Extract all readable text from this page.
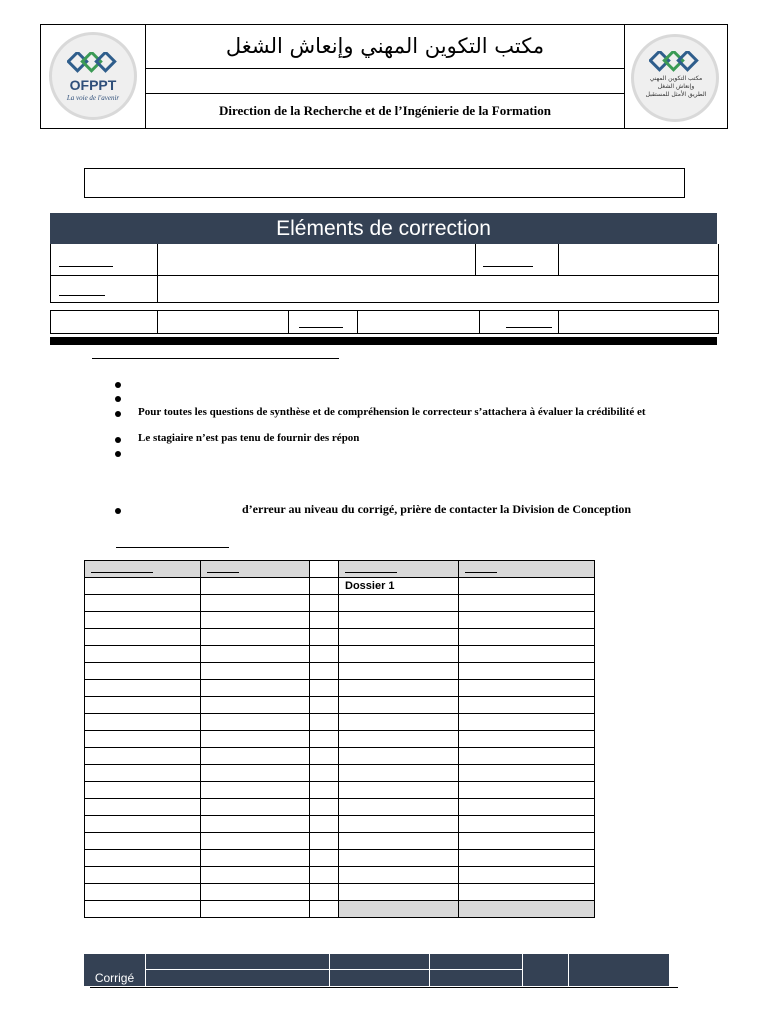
OFPPT
La voie de l'avenir
مكتب التكوين المهني وإنعاش الشغل
Direction de la Recherche et de l’Ingénierie de la Formation
مكتب التكوين المهني
وإنعاش الشغل
الطريق الأمثل للمستقبل
Eléments de correction
Pour toutes les questions de synthèse et de compréhension le correcteur s’attachera à évaluer la crédibilité et
Le stagiaire n’est pas tenu de fournir des répon
d’erreur au niveau du corrigé, prière de contacter la Division de Conception

			Dossier 1	

Corrigé
